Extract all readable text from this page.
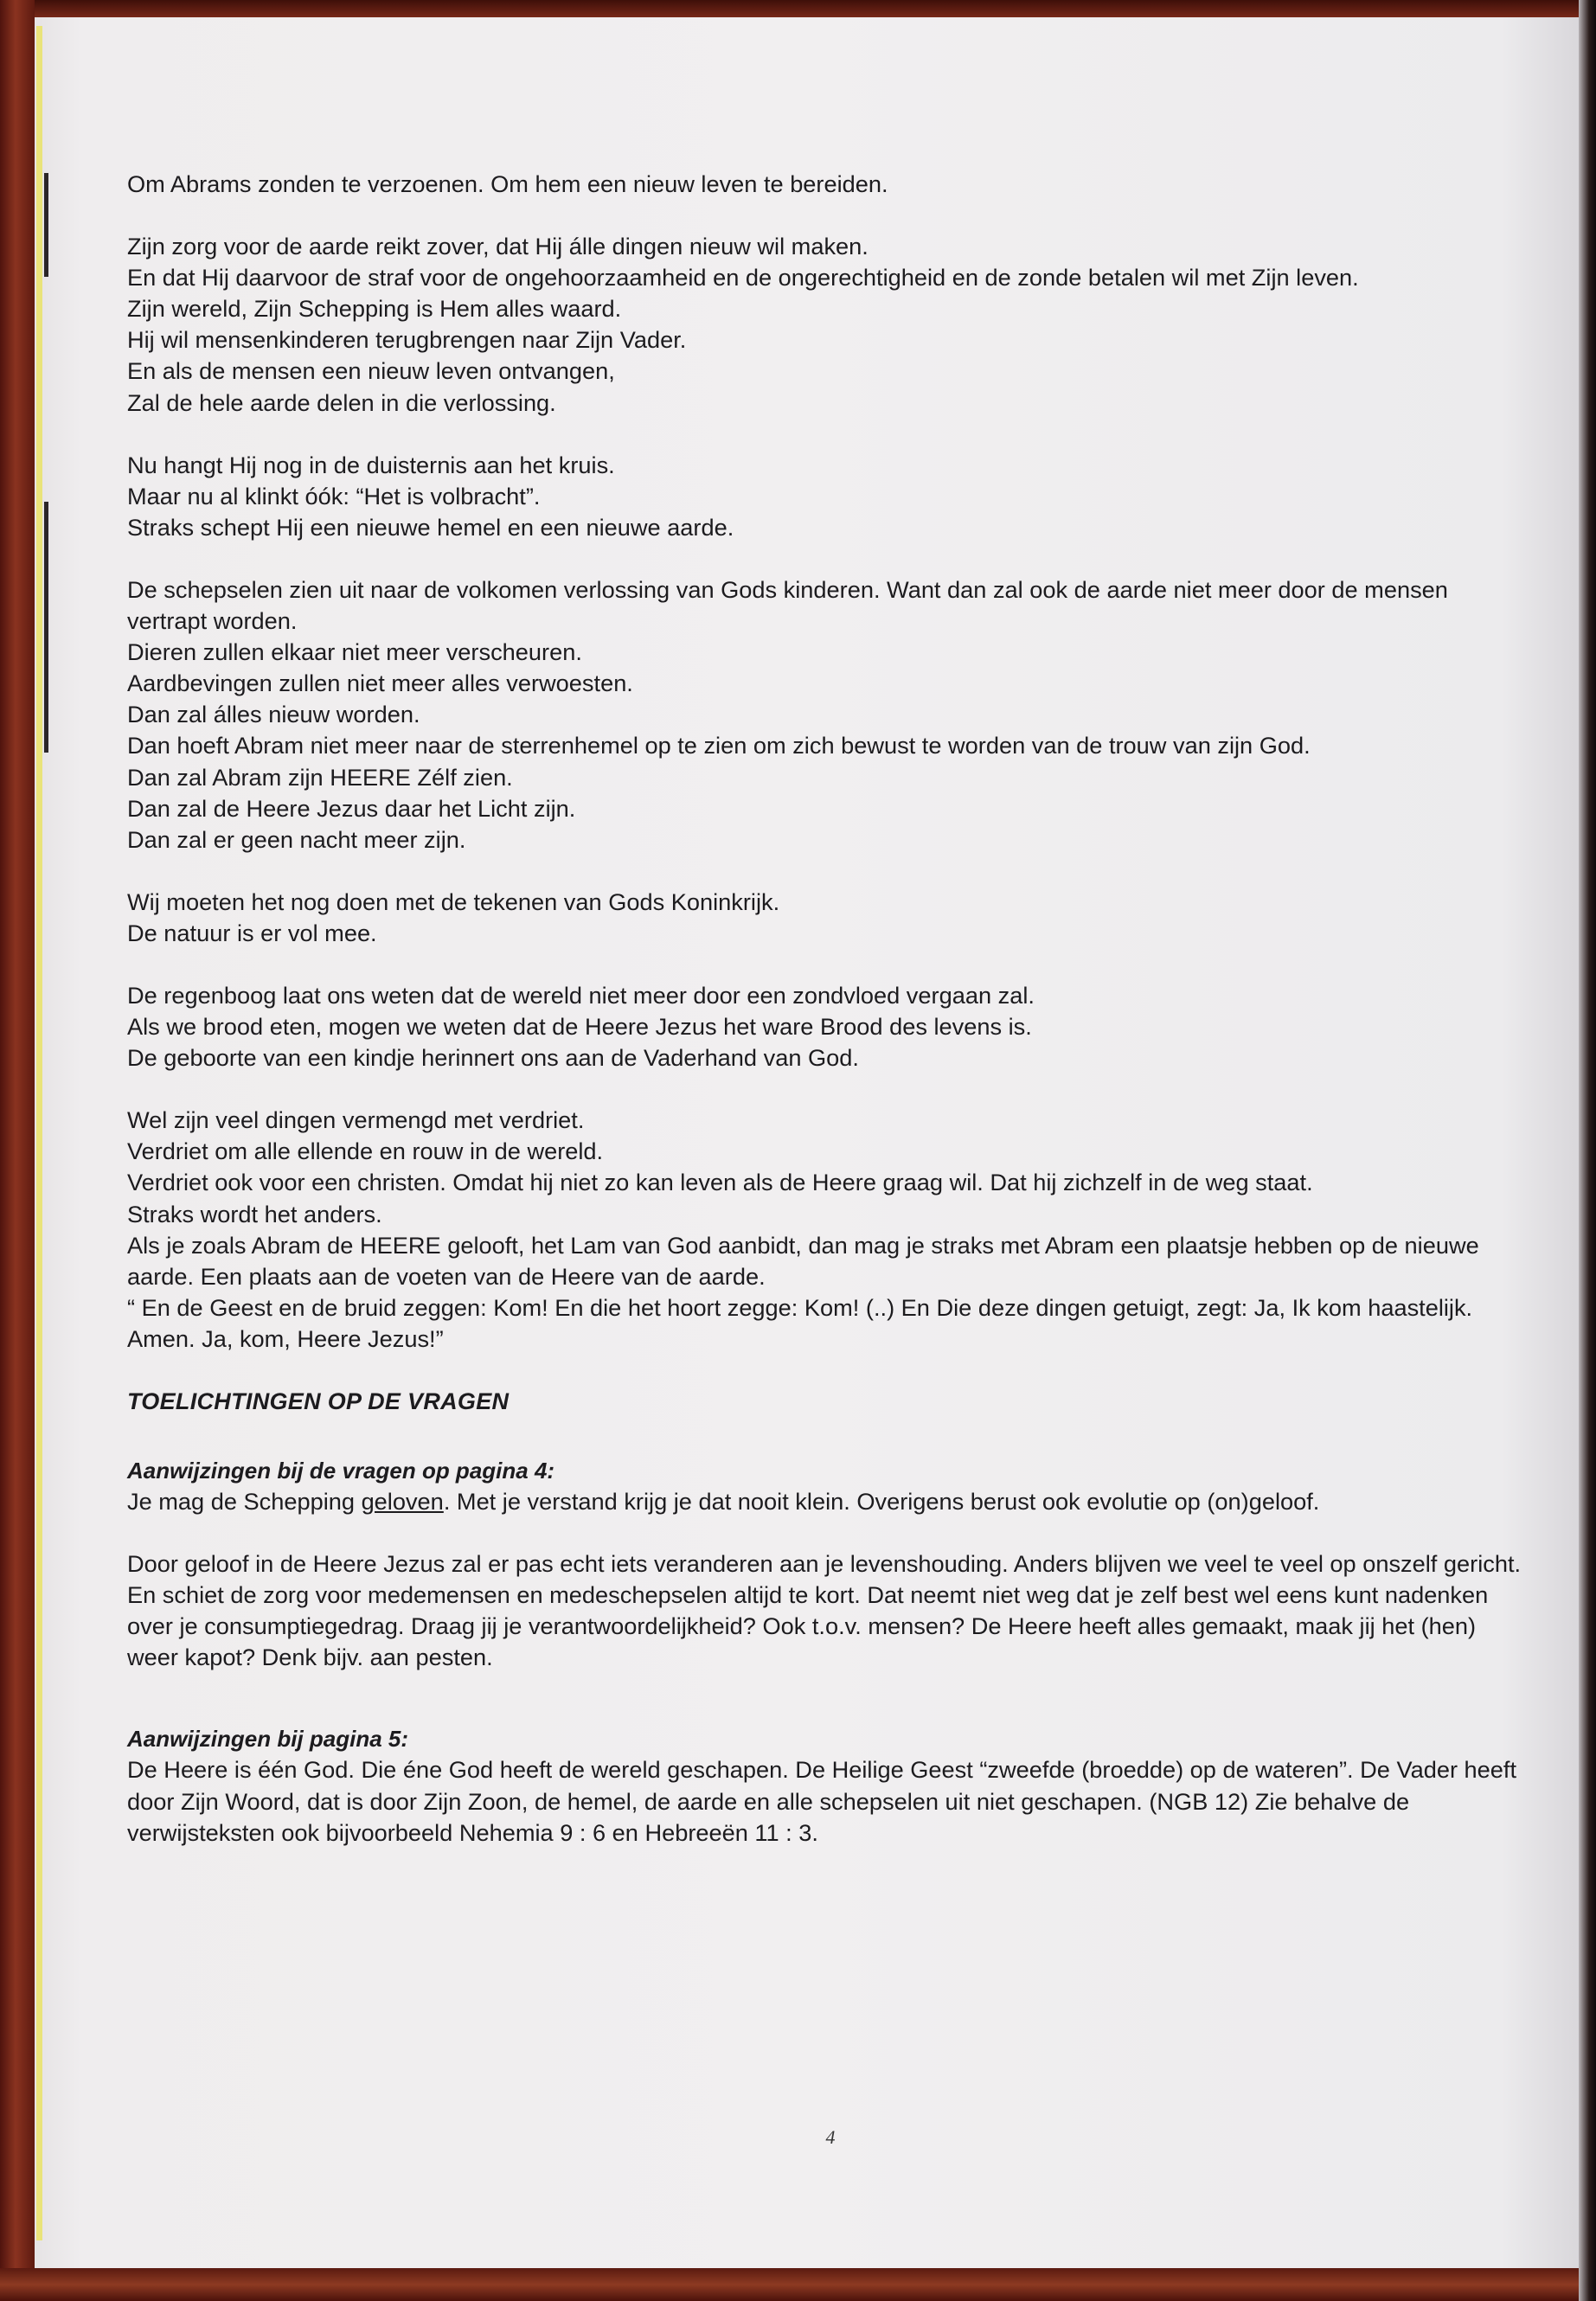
Om Abrams zonden te verzoenen. Om hem een nieuw leven te bereiden.

Zijn zorg voor de aarde reikt zover, dat Hij álle dingen nieuw wil maken.

En dat Hij daarvoor de straf voor de ongehoorzaamheid en de ongerechtigheid en de zonde betalen wil met Zijn leven.

Zijn wereld, Zijn Schepping is Hem alles waard.

Hij wil mensenkinderen terugbrengen naar Zijn Vader.

En als de mensen een nieuw leven ontvangen,

Zal de hele aarde delen in die verlossing.

Nu hangt Hij nog in de duisternis aan het kruis.

Maar nu al klinkt óók: “Het is volbracht”.

Straks schept Hij een nieuwe hemel en een nieuwe aarde.

De schepselen zien uit naar de volkomen verlossing van Gods kinderen. Want dan zal ook de aarde niet meer door de mensen vertrapt worden.

Dieren zullen elkaar niet meer verscheuren.

Aardbevingen zullen niet meer alles verwoesten.

Dan zal álles nieuw worden.

Dan hoeft Abram niet meer naar de sterrenhemel op te zien om zich bewust te worden van de trouw van zijn God.

Dan zal Abram zijn HEERE Zélf zien.

Dan zal de Heere Jezus daar het Licht zijn.

Dan zal er geen nacht meer zijn.

Wij moeten het nog doen met de tekenen van Gods Koninkrijk.

De natuur is er vol mee.

De regenboog laat ons weten dat de wereld niet meer door een zondvloed vergaan zal.

Als we brood eten, mogen we weten dat de Heere Jezus het ware Brood des levens is.

De geboorte van een kindje herinnert ons aan de Vaderhand van God.

Wel zijn veel dingen vermengd met verdriet.

Verdriet om alle ellende en rouw in de wereld.

Verdriet ook voor een christen. Omdat hij niet zo kan leven als de Heere graag wil. Dat hij zichzelf in de weg staat.

Straks wordt het anders.

Als je zoals Abram de HEERE gelooft, het Lam van God aanbidt, dan mag je straks met Abram een plaatsje hebben op de nieuwe aarde. Een plaats aan de voeten van de Heere van de aarde.

“ En de Geest en de bruid zeggen: Kom! En die het hoort zegge: Kom! (..) En Die deze dingen getuigt, zegt: Ja, Ik kom haastelijk. Amen. Ja, kom, Heere Jezus!”

TOELICHTINGEN OP DE VRAGEN
Aanwijzingen bij de vragen op pagina 4:

Je mag de Schepping geloven. Met je verstand krijg je dat nooit klein. Overigens berust ook evolutie op (on)geloof.

Door geloof in de Heere Jezus zal er pas echt iets veranderen aan je levenshouding. Anders blijven we veel te veel op onszelf gericht. En schiet de zorg voor medemensen en medeschepselen altijd te kort. Dat neemt niet weg dat je zelf best wel eens kunt nadenken over je consumptiegedrag. Draag jij je verantwoordelijkheid? Ook t.o.v. mensen? De Heere heeft alles gemaakt, maak jij het (hen) weer kapot? Denk bijv. aan pesten.

Aanwijzingen bij pagina 5:

De Heere is één God. Die éne God heeft de wereld geschapen. De Heilige Geest “zweefde (broedde) op de wateren”. De Vader heeft door Zijn Woord, dat is door Zijn Zoon, de hemel, de aarde en alle schepselen uit niet geschapen. (NGB 12) Zie behalve de verwijsteksten ook bijvoorbeeld Nehemia 9 : 6 en Hebreeën 11 : 3.

4
